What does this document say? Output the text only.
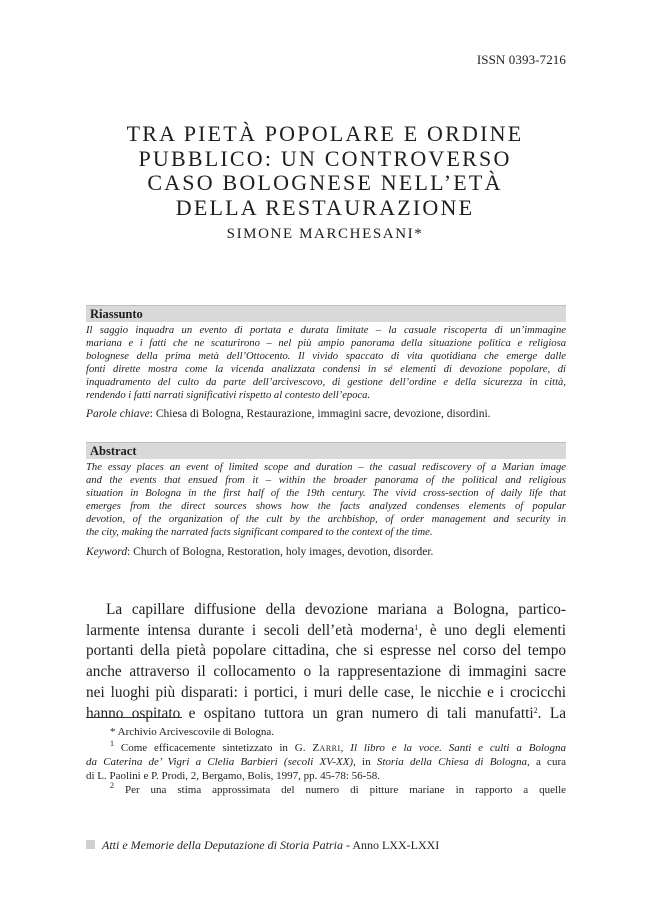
ISSN 0393-7216
TRA PIETÀ POPOLARE E ORDINE
PUBBLICO: UN CONTROVERSO
CASO BOLOGNESE NELL’ETÀ
DELLA RESTAURAZIONE
SIMONE MARCHESANI*
Riassunto

Il saggio inquadra un evento di portata e durata limitate – la casuale riscoperta di un’immagine
mariana e i fatti che ne scaturirono – nel più ampio panorama della situazione politica e religiosa
bolognese della prima metà dell’Ottocento. Il vivido spaccato di vita quotidiana che emerge dalle
fonti dirette mostra come la vicenda analizzata condensi in sé elementi di devozione popolare, di
inquadramento del culto da parte dell’arcivescovo, di gestione dell’ordine e della sicurezza in città,
rendendo i fatti narrati significativi rispetto al contesto dell’epoca.

Parole chiave: Chiesa di Bologna, Restaurazione, immagini sacre, devozione, disordini.
Abstract

The essay places an event of limited scope and duration – the casual rediscovery of a Marian image
and the events that ensued from it – within the broader panorama of the political and religious
situation in Bologna in the first half of the 19th century. The vivid cross-section of daily life that
emerges from the direct sources shows how the facts analyzed condenses elements of popular
devotion, of the organization of the cult by the archbishop, of order management and security in
the city, making the narrated facts significant compared to the context of the time.

Keyword: Church of Bologna, Restoration, holy images, devotion, disorder.
La capillare diffusione della devozione mariana a Bologna, partico-
larmente intensa durante i secoli dell’età moderna$^1$, è uno degli elementi
portanti della pietà popolare cittadina, che si espresse nel corso del tempo
anche attraverso il collocamento o la rappresentazione di immagini sacre
nei luoghi più disparati: i portici, i muri delle case, le nicchie e i crocicchi
hanno ospitato e ospitano tuttora un gran numero di tali manufatti$^2$. La
* Archivio Arcivescovile di Bologna.
$^1$ Come efficacemente sintetizzato in G. Zarri, Il libro e la voce. Santi e culti a Bologna
da Caterina de’ Vigri a Clelia Barbieri (secoli XV-XX), in Storia della Chiesa di Bologna, a cura
di L. Paolini e P. Prodi, 2, Bergamo, Bolis, 1997, pp. 45-78: 56-58.
$^2$ Per una stima approssimata del numero di pitture mariane in rapporto a quelle
Atti e Memorie della Deputazione di Storia Patria - Anno LXX-LXXI
